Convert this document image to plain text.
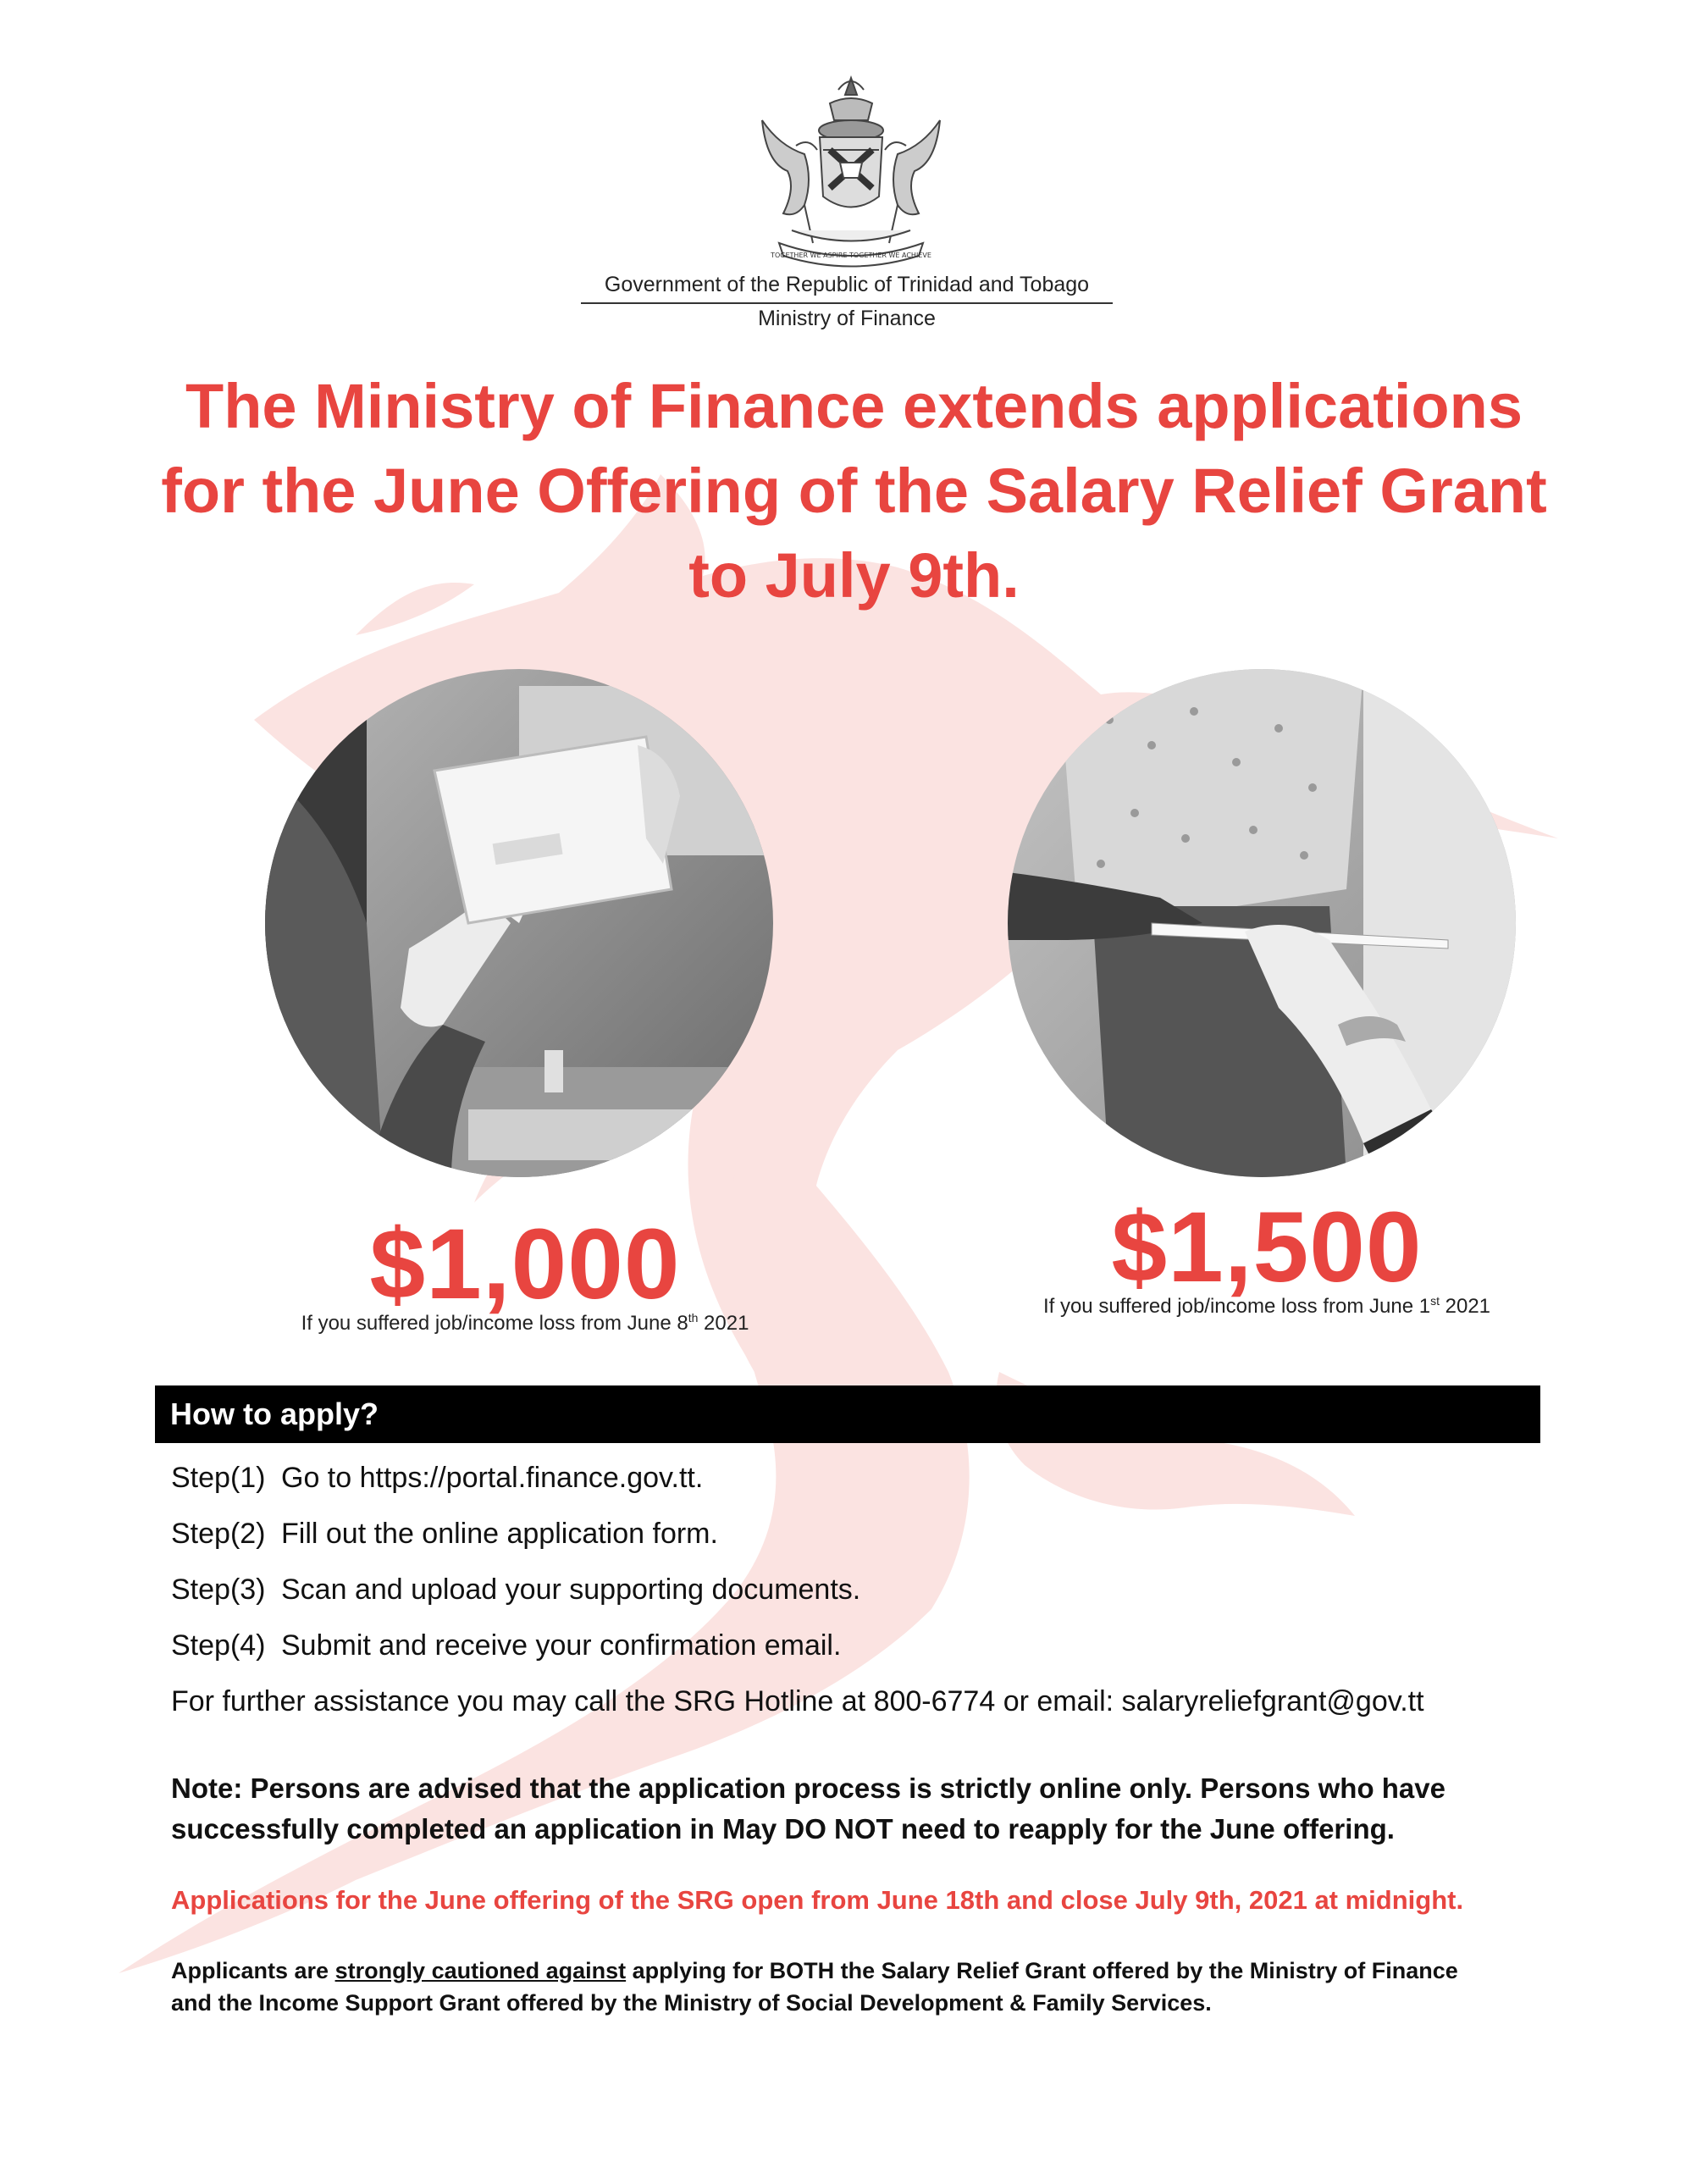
TOGETHER WE ASPIRE TOGETHER WE ACHIEVE
Government of the Republic of Trinidad and Tobago
Ministry of Finance
The Ministry of Finance extends applications
for the June Offering of the Salary Relief Grant
to July 9th.
$1,000
If you suffered job/income loss from June 8th 2021
$1,500
If you suffered job/income loss from June 1st 2021
How to apply?
Step(1) Go to https://portal.finance.gov.tt.
Step(2) Fill out the online application form.
Step(3) Scan and upload your supporting documents.
Step(4) Submit and receive your confirmation email.
For further assistance you may call the SRG Hotline at 800-6774 or email: salaryreliefgrant@gov.tt
Note: Persons are advised that the application process is strictly online only. Persons who have
successfully completed an application in May DO NOT need to reapply for the June offering.
Applications for the June offering of the SRG open from June 18th and close July 9th, 2021 at midnight.
Applicants are strongly cautioned against applying for BOTH the Salary Relief Grant offered by the Ministry of Finance
and the Income Support Grant offered by the Ministry of Social Development & Family Services.
